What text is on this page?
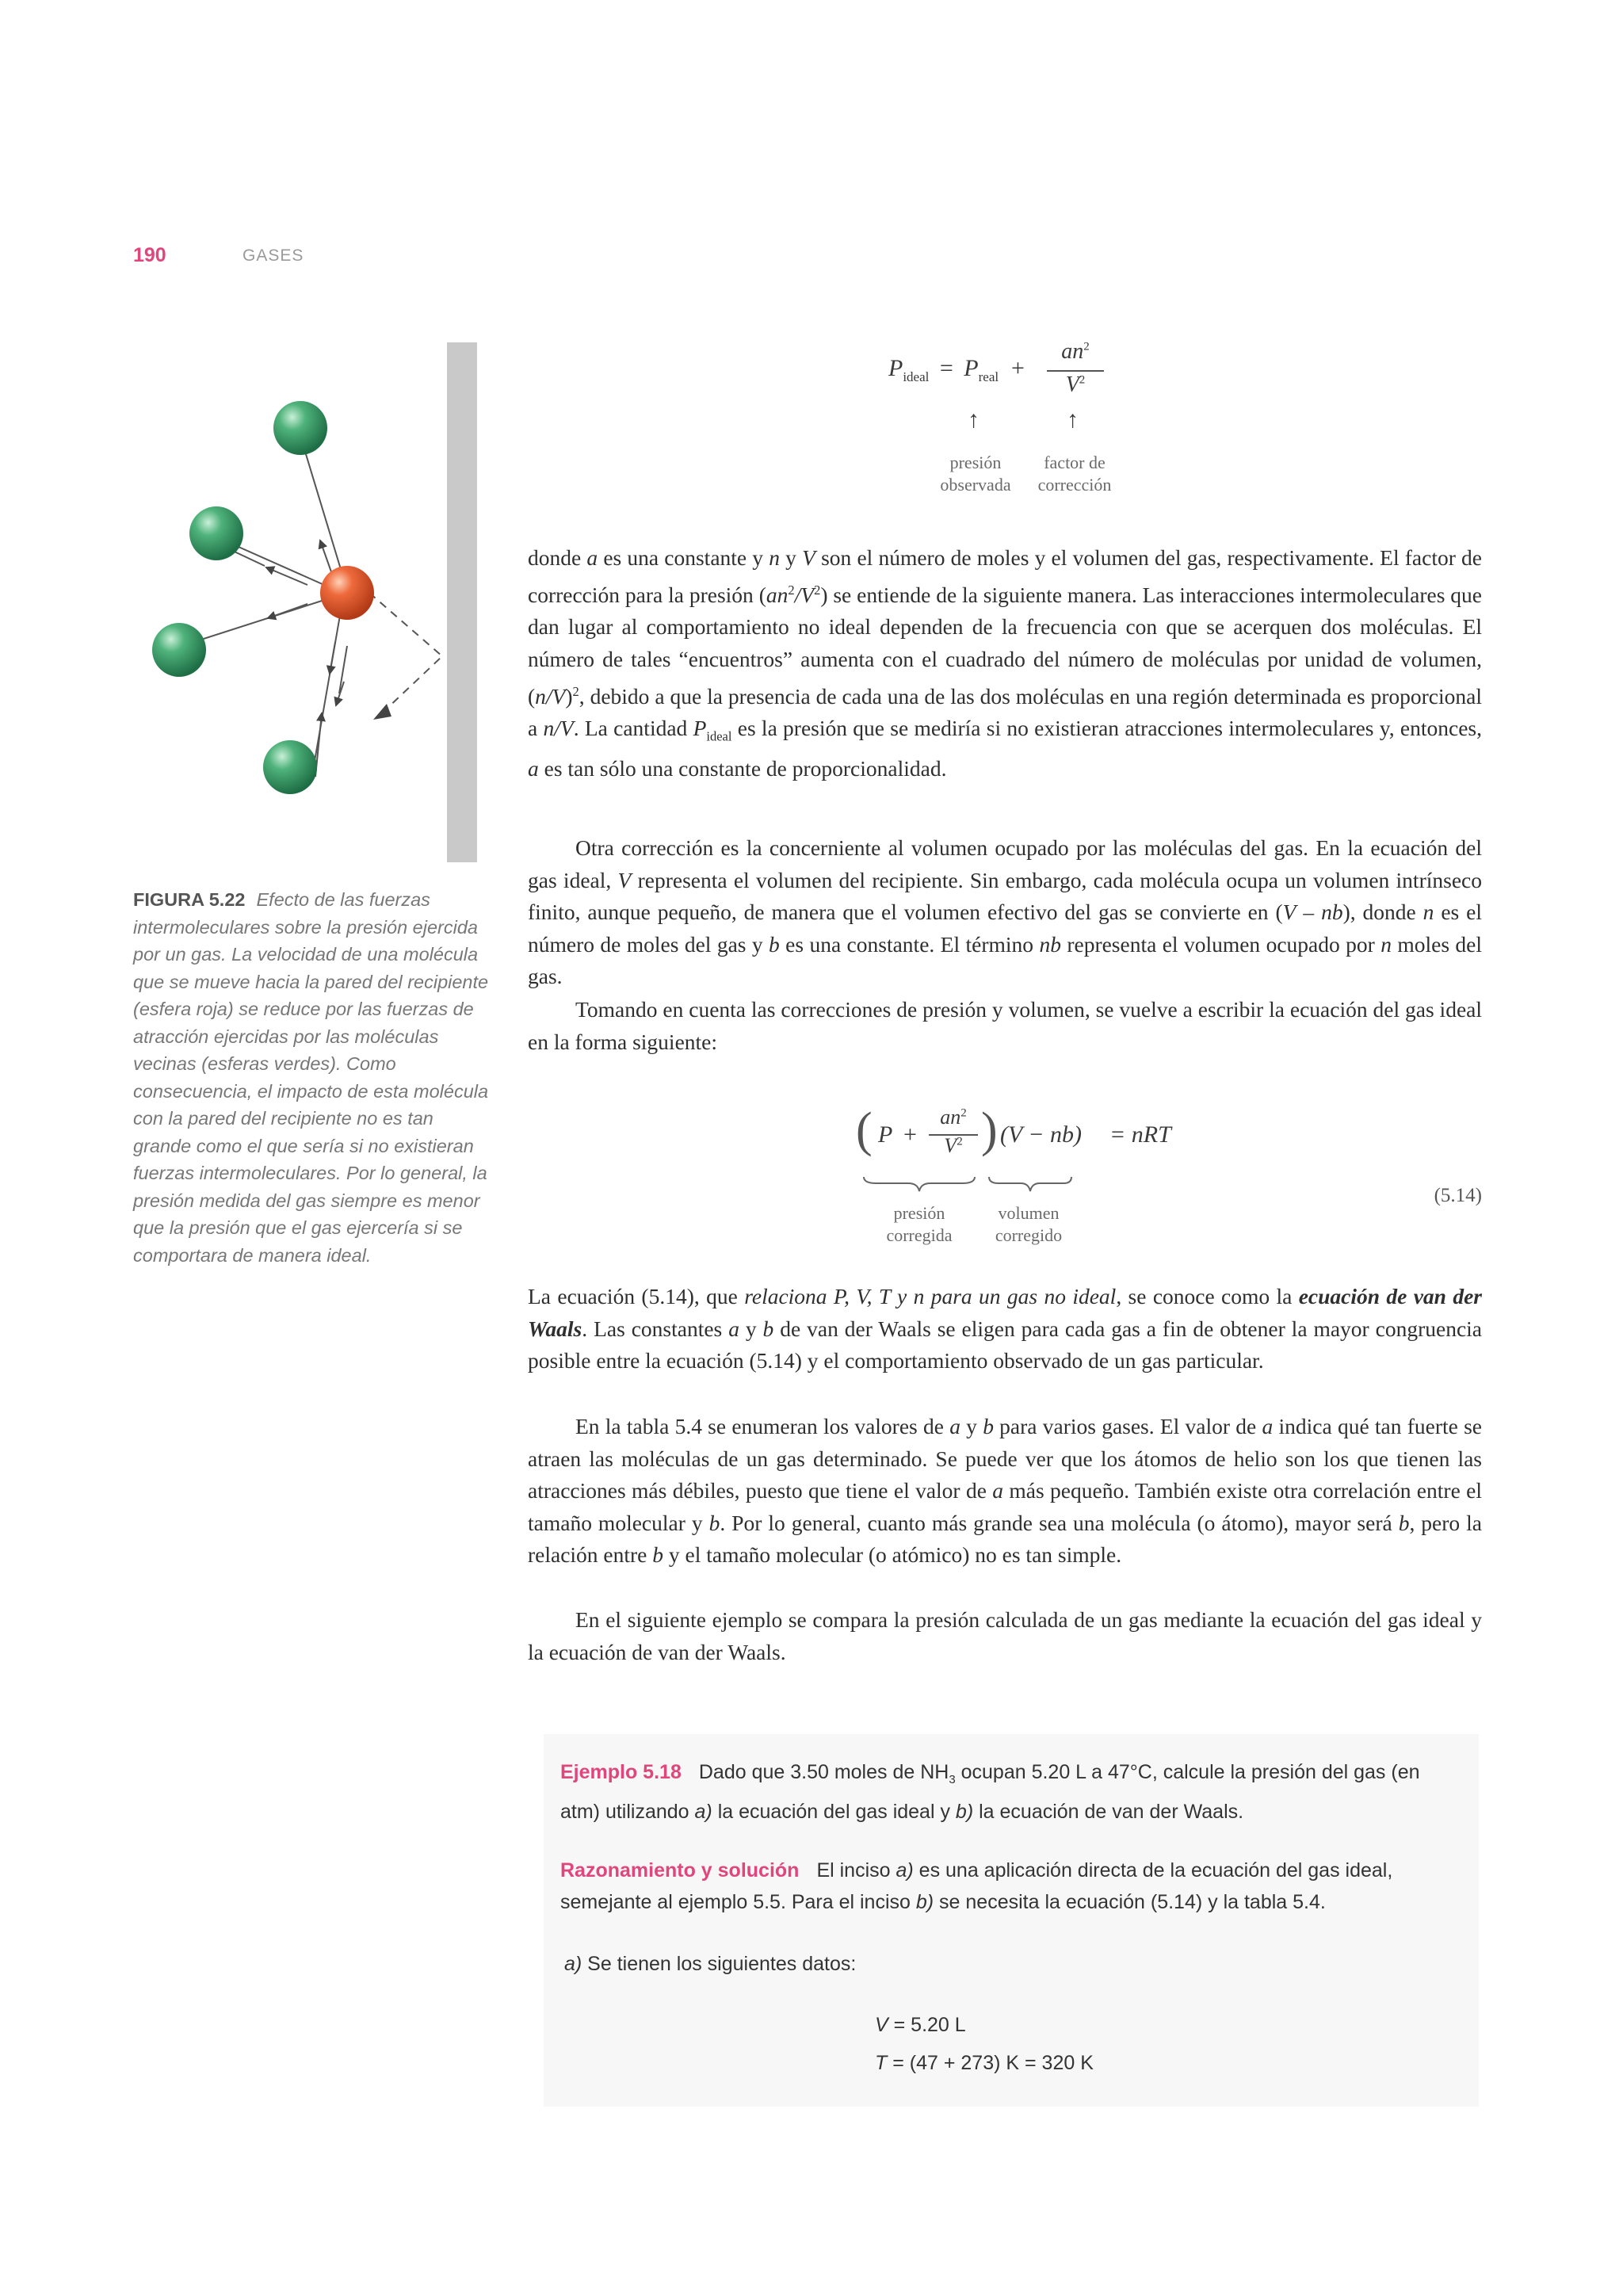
190	GASES
FIGURA 5.22 Efecto de las fuerzas intermoleculares sobre la presión ejercida por un gas. La velocidad de una molécula que se mueve hacia la pared del recipiente (esfera roja) se reduce por las fuerzas de atracción ejercidas por las moléculas vecinas (esferas verdes). Como consecuencia, el impacto de esta molécula con la pared del recipiente no es tan grande como el que sería si no existieran fuerzas intermoleculares. Por lo general, la presión medida del gas siempre es menor que la presión que el gas ejercería si se comportara de manera ideal.
$P_{ideal} = P_{real}$ +
$an^2$
$V^2$
↑	↑
presión
observada
factor de
corrección
donde a es una constante y n y V son el número de moles y el volumen del gas, respectivamente. El factor de corrección para la presión $(an^2/V^2)$ se entiende de la siguiente manera. Las interacciones intermoleculares que dan lugar al comportamiento no ideal dependen de la frecuencia con que se acerquen dos moléculas. El número de tales “encuentros” aumenta con el cuadrado del número de moléculas por unidad de volumen, $(n/V)^2$, debido a que la presencia de cada una de las dos moléculas en una región determinada es proporcional a n/V. La cantidad $P_{ideal}$ es la presión que se mediría si no existieran atracciones intermoleculares y, entonces, a es tan sólo una constante de proporcionalidad.
Otra corrección es la concerniente al volumen ocupado por las moléculas del gas. En la ecuación del gas ideal, V representa el volumen del recipiente. Sin embargo, cada molécula ocupa un volumen intrínseco finito, aunque pequeño, de manera que el volumen efectivo del gas se convierte en (V – nb), donde n es el número de moles del gas y b es una constante. El término nb representa el volumen ocupado por n moles del gas.
Tomando en cuenta las correcciones de presión y volumen, se vuelve a escribir la ecuación del gas ideal en la forma siguiente:
( P +
$an^2$
$V^2$ ) (V − nb) = nRT
presión
corregida
volumen
corregido
(5.14)
La ecuación (5.14), que relaciona P, V, T y n para un gas no ideal, se conoce como la ecuación de van der Waals. Las constantes a y b de van der Waals se eligen para cada gas a fin de obtener la mayor congruencia posible entre la ecuación (5.14) y el comportamiento observado de un gas particular.
En la tabla 5.4 se enumeran los valores de a y b para varios gases. El valor de a indica qué tan fuerte se atraen las moléculas de un gas determinado. Se puede ver que los átomos de helio son los que tienen las atracciones más débiles, puesto que tiene el valor de a más pequeño. También existe otra correlación entre el tamaño molecular y b. Por lo general, cuanto más grande sea una molécula (o átomo), mayor será b, pero la relación entre b y el tamaño molecular (o atómico) no es tan simple.
En el siguiente ejemplo se compara la presión calculada de un gas mediante la ecuación del gas ideal y la ecuación de van der Waals.
Ejemplo 5.18 Dado que 3.50 moles de $NH_3$ ocupan 5.20 L a 47°C, calcule la presión del gas (en atm) utilizando a) la ecuación del gas ideal y b) la ecuación de van der Waals.
Razonamiento y solución El inciso a) es una aplicación directa de la ecuación del gas ideal, semejante al ejemplo 5.5. Para el inciso b) se necesita la ecuación (5.14) y la tabla 5.4.
a) Se tienen los siguientes datos:
V = 5.20 L
T = (47 + 273) K = 320 K
